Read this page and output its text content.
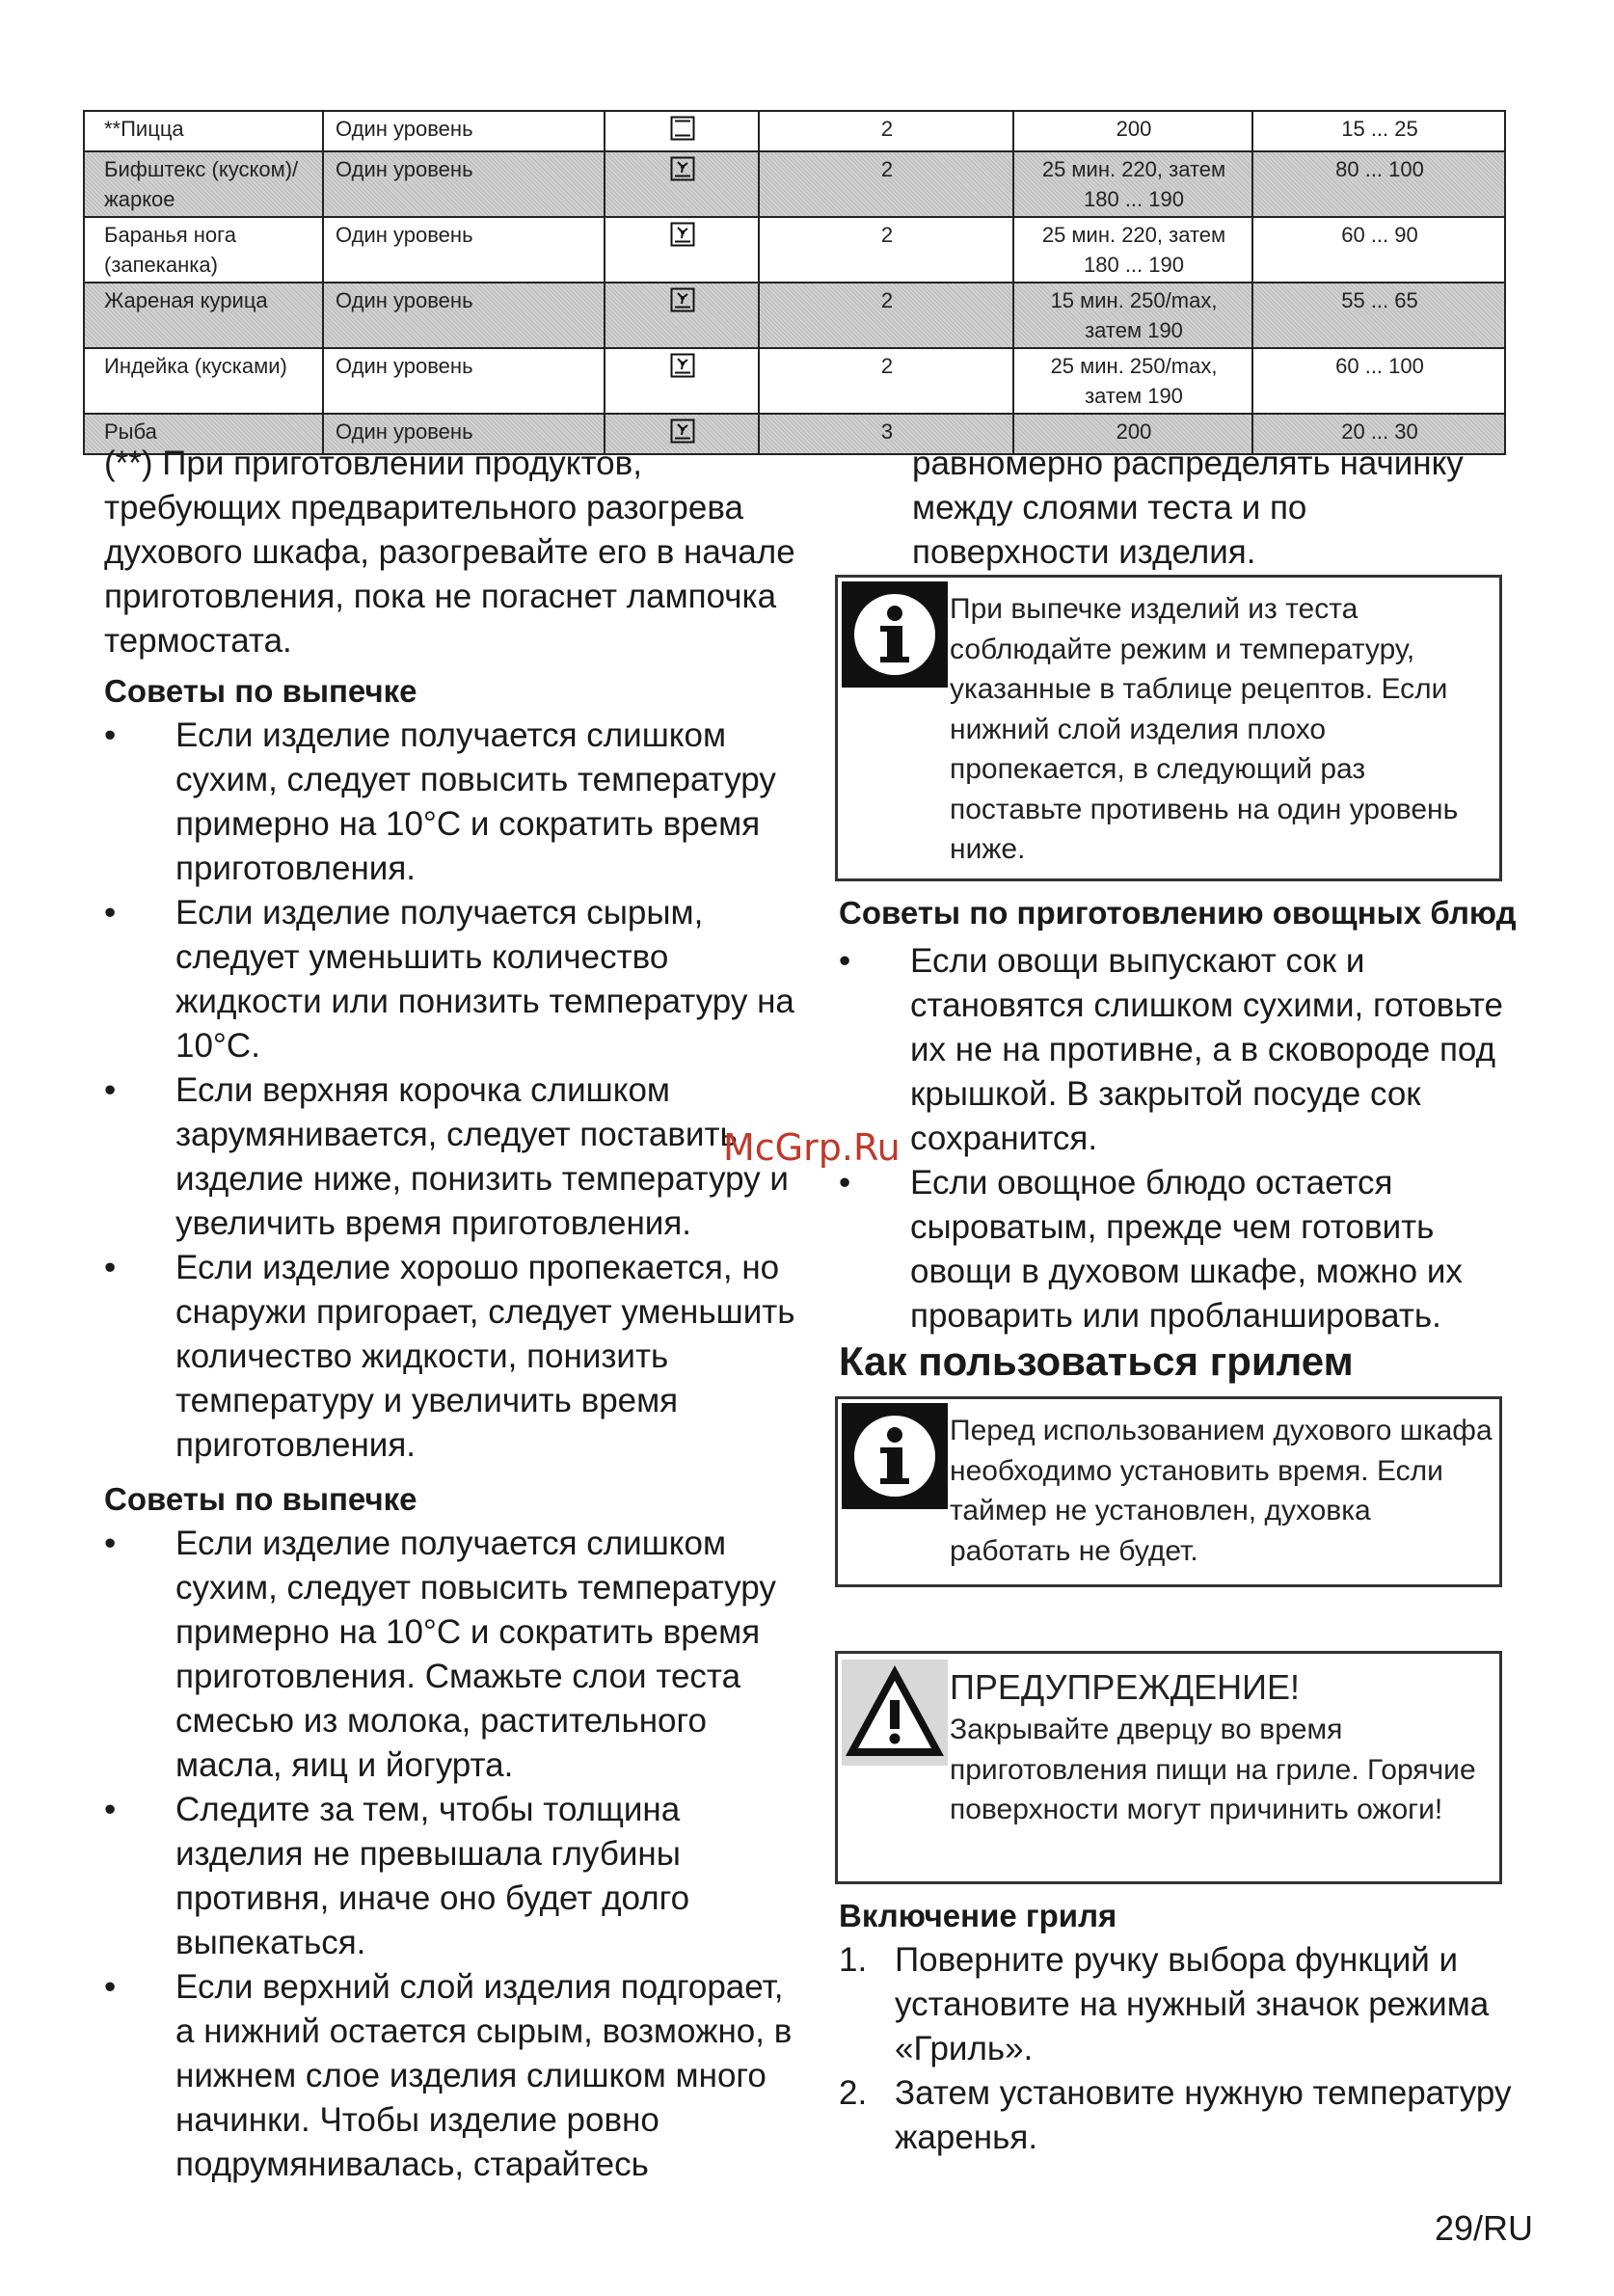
**Пицца	Один уровень		2	200	15 ... 25
Бифштекс (куском)/жаркое	Один уровень		2	25 мин. 220, затем 180 ... 190	80 ... 100
Баранья нога (запеканка)	Один уровень		2	25 мин. 220, затем 180 ... 190	60 ... 90
Жареная курица	Один уровень		2	15 мин. 250/max, затем 190	55 ... 65
Индейка (кусками)	Один уровень		2	25 мин. 250/max, затем 190	60 ... 100
Рыба	Один уровень		3	200	20 ... 30

(**) При приготовлении продуктов, требующих предварительного разогрева духового шкафа, разогревайте его в начале приготовления, пока не погаснет лампочка термостата.

Советы по выпечке

• Если изделие получается слишком сухим, следует повысить температуру примерно на 10°C и сократить время приготовления.
• Если изделие получается сырым, следует уменьшить количество жидкости или понизить температуру на 10°C.
• Если верхняя корочка слишком зарумянивается, следует поставить изделие ниже, понизить температуру и увеличить время приготовления.
• Если изделие хорошо пропекается, но снаружи пригорает, следует уменьшить количество жидкости, понизить температуру и увеличить время приготовления.

Советы по выпечке

• Если изделие получается слишком сухим, следует повысить температуру примерно на 10°C и сократить время приготовления. Смажьте слои теста смесью из молока, растительного масла, яиц и йогурта.
• Следите за тем, чтобы толщина изделия не превышала глубины противня, иначе оно будет долго выпекаться.
• Если верхний слой изделия подгорает, а нижний остается сырым, возможно, в нижнем слое изделия слишком много начинки. Чтобы изделие ровно подрумянивалась, старайтесь

равномерно распределять начинку между слоями теста и по поверхности изделия.

При выпечке изделий из теста соблюдайте режим и температуру, указанные в таблице рецептов. Если нижний слой изделия плохо пропекается, в следующий раз поставьте противень на один уровень ниже.

Советы по приготовлению овощных блюд

• Если овощи выпускают сок и становятся слишком сухими, готовьте их не на противне, а в сковороде под крышкой. В закрытой посуде сок сохранится.
• Если овощное блюдо остается сыроватым, прежде чем готовить овощи в духовом шкафе, можно их проварить или пробланшировать.
Как пользоваться грилем
Перед использованием духового шкафа необходимо установить время. Если таймер не установлен, духовка работать не будет.
ПРЕДУПРЕЖДЕНИЕ!
Закрывайте дверцу во время приготовления пищи на гриле. Горячие поверхности могут причинить ожоги!

Включение гриля

1. Поверните ручку выбора функций и установите на нужный значок режима «Гриль».
2. Затем установите нужную температуру жаренья.
McGrp.Ru
29/RU
